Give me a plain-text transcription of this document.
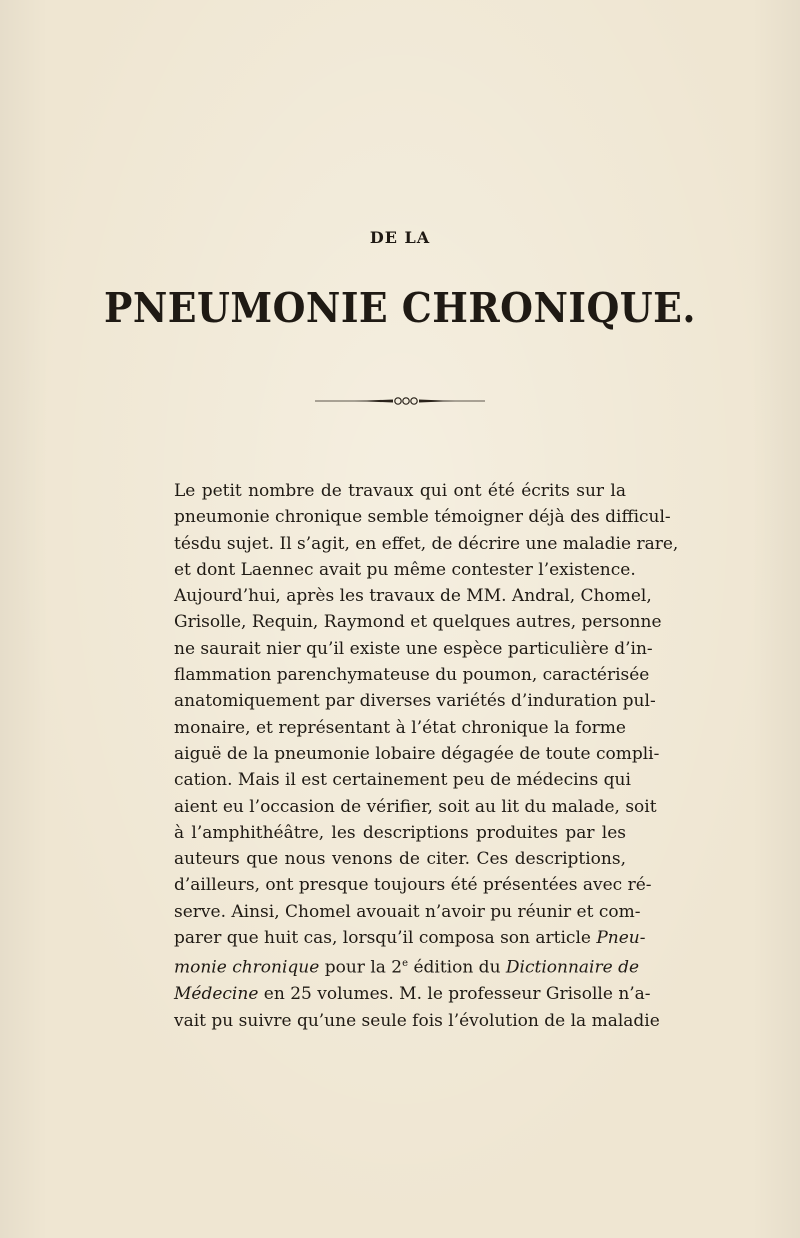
DE LA
PNEUMONIE CHRONIQUE.
Le petit nombre de travaux qui ont été écrits sur la
pneumonie chronique semble témoigner déjà des difficul-
tésdu sujet. Il s’agit, en effet, de décrire une maladie rare,
et dont Laennec avait pu même contester l’existence.
Aujourd’hui, après les travaux de MM. Andral, Chomel,
Grisolle, Requin, Raymond et quelques autres, personne
ne saurait nier qu’il existe une espèce particulière d’in-
flammation parenchymateuse du poumon, caractérisée
anatomiquement par diverses variétés d’induration pul-
monaire, et représentant à l’état chronique la forme
aiguë de la pneumonie lobaire dégagée de toute compli-
cation. Mais il est certainement peu de médecins qui
aient eu l’occasion de vérifier, soit au lit du malade, soit
à l’amphithéâtre, les descriptions produites par les
auteurs que nous venons de citer. Ces descriptions,
d’ailleurs, ont presque toujours été présentées avec ré-
serve. Ainsi, Chomel avouait n’avoir pu réunir et com-
parer que huit cas, lorsqu’il composa son article Pneu-
monie chronique pour la 2e édition du Dictionnaire de
Médecine en 25 volumes. M. le professeur Grisolle n’a-
vait pu suivre qu’une seule fois l’évolution de la maladie
